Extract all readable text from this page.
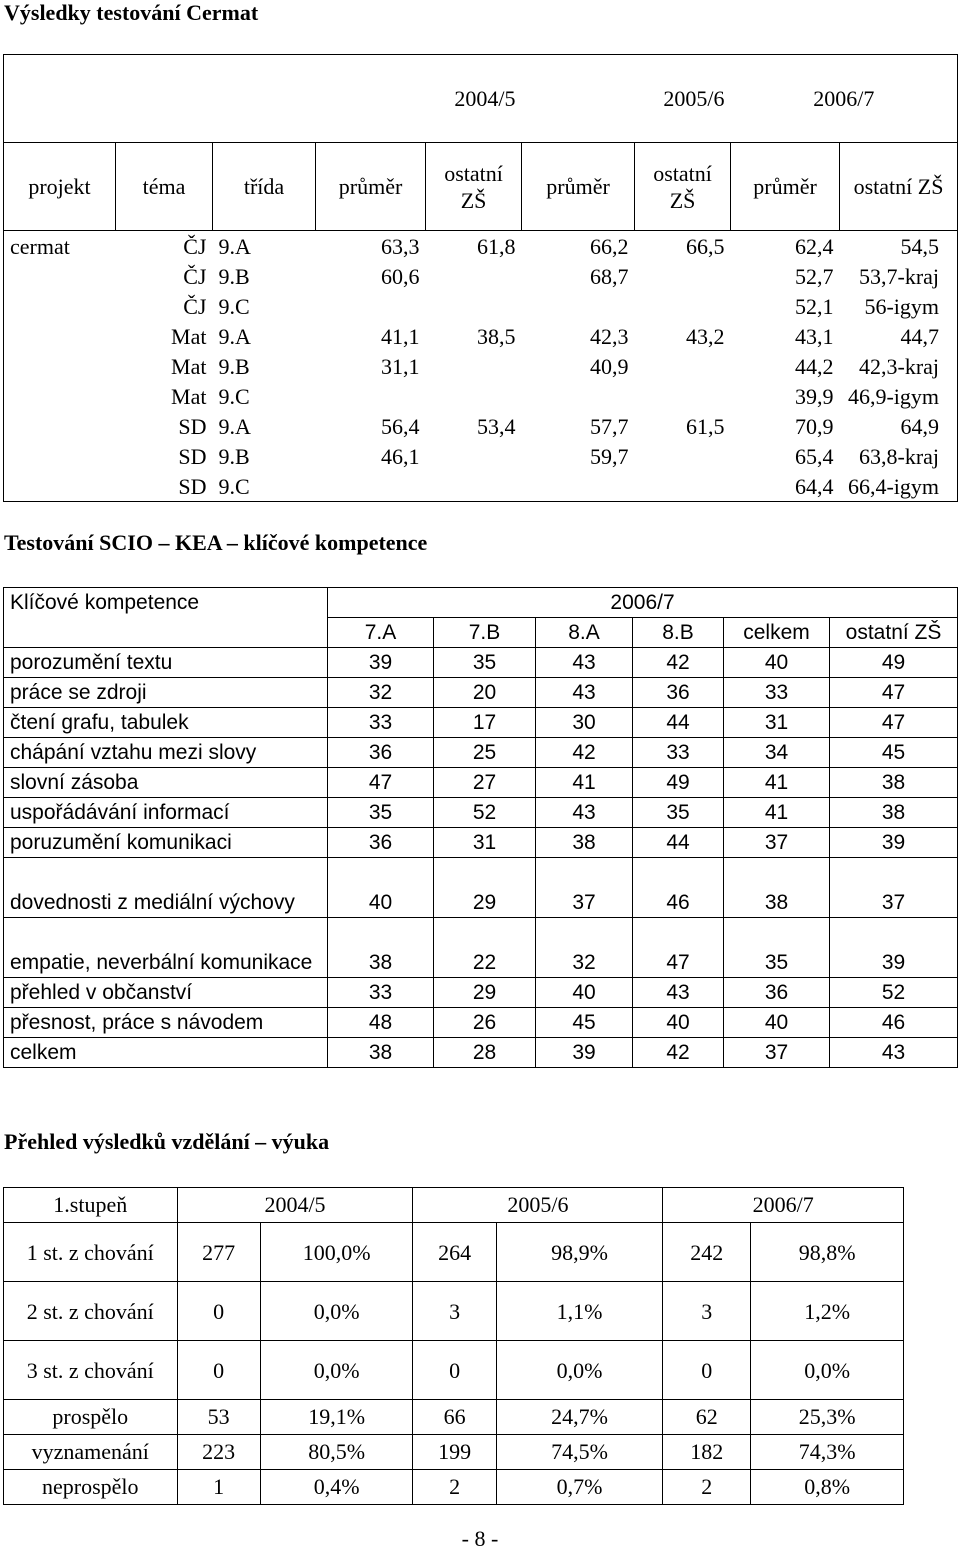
Výsledky testování Cermat
			2004/5		2005/6		2006/7	
projekt	téma	třída	průměr	ostatní ZŠ	průměr	ostatní ZŠ	průměr	ostatní ZŠ
cermat	ČJ	9.A	63,3	61,8	66,2	66,5	62,4	54,5
	ČJ	9.B	60,6		68,7		52,7	53,7-kraj
	ČJ	9.C					52,1	56-igym
	Mat	9.A	41,1	38,5	42,3	43,2	43,1	44,7
	Mat	9.B	31,1		40,9		44,2	42,3-kraj
	Mat	9.C					39,9	46,9-igym
	SD	9.A	56,4	53,4	57,7	61,5	70,9	64,9
	SD	9.B	46,1		59,7		65,4	63,8-kraj
	SD	9.C					64,4	66,4-igym
Testování SCIO – KEA – klíčové kompetence
Klíčové kompetence	2006/7					
	7.A	7.B	8.A	8.B	celkem	ostatní ZŠ
porozumění textu	39	35	43	42	40	49
práce se zdroji	32	20	43	36	33	47
čtení grafu, tabulek	33	17	30	44	31	47
chápání vztahu mezi slovy	36	25	42	33	34	45
slovní zásoba	47	27	41	49	41	38
uspořádávání informací	35	52	43	35	41	38
poruzumění komunikaci	36	31	38	44	37	39
dovednosti z mediální výchovy	40	29	37	46	38	37
empatie, neverbální komunikace	38	22	32	47	35	39
přehled v občanství	33	29	40	43	36	52
přesnost, práce s návodem	48	26	45	40	40	46
celkem	38	28	39	42	37	43
Přehled výsledků vzdělání – výuka
1.stupeň	2004/5		2005/6		2006/7	
1 st. z chování	277	100,0%	264	98,9%	242	98,8%
2 st. z chování	0	0,0%	3	1,1%	3	1,2%
3 st. z chování	0	0,0%	0	0,0%	0	0,0%
prospělo	53	19,1%	66	24,7%	62	25,3%
vyznamenání	223	80,5%	199	74,5%	182	74,3%
neprospělo	1	0,4%	2	0,7%	2	0,8%
- 8 -
